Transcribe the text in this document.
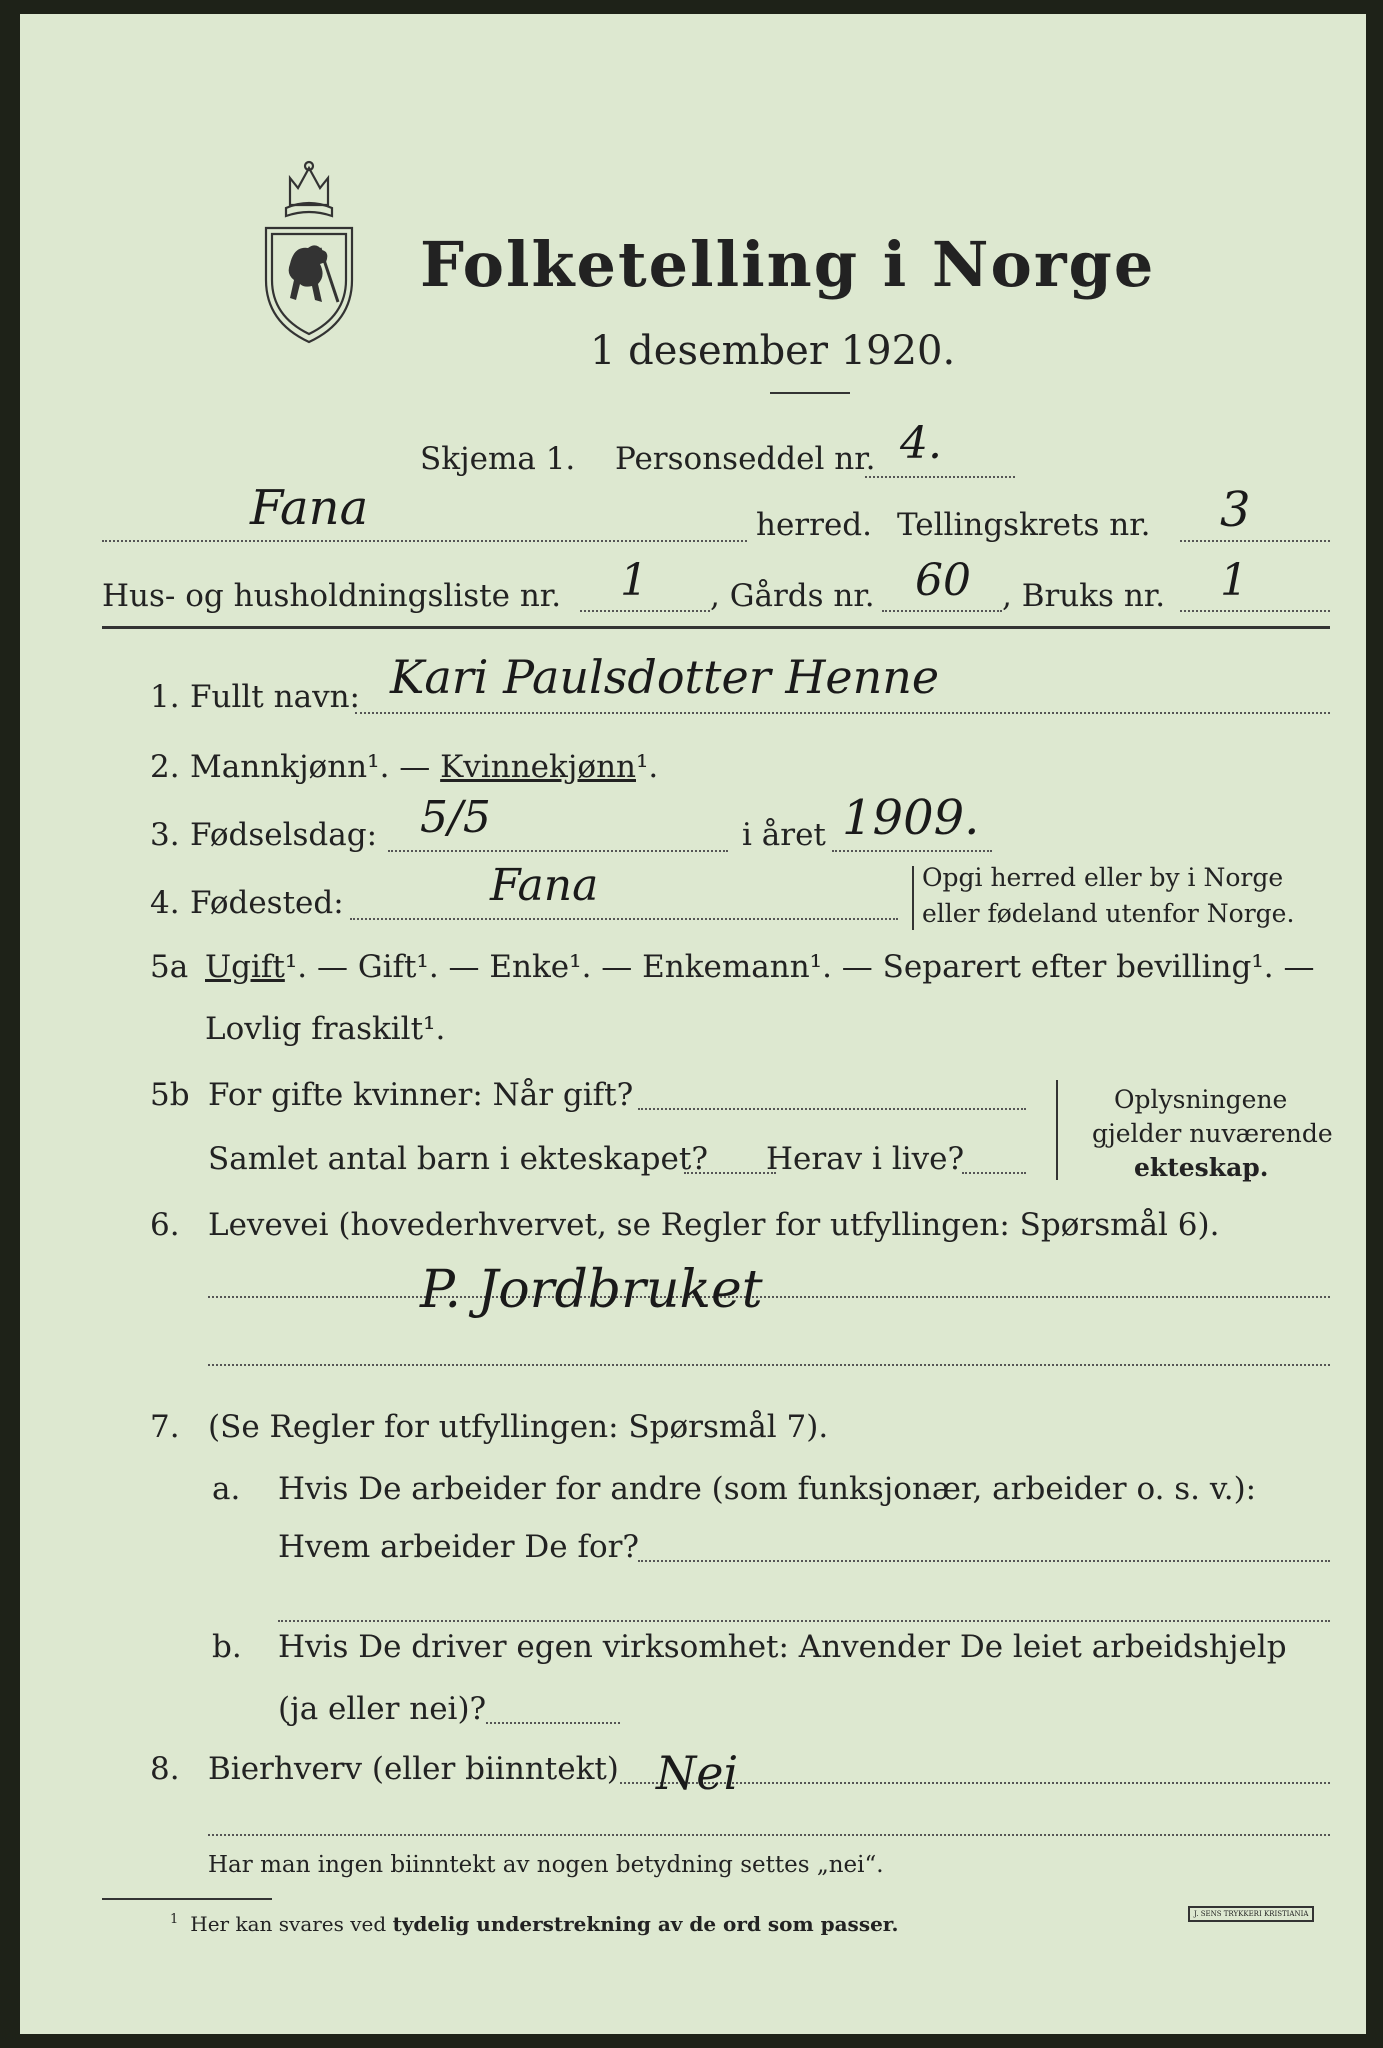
Folketelling i Norge
1 desember 1920.
Skjema 1. Personseddel nr. 4.
Fana	herred. Tellingskrets nr. 3
Hus- og husholdningsliste nr. 1 , Gårds nr. 60 , Bruks nr. 1
1. Fullt navn: Kari Paulsdotter Henne
2. Mannkjønn¹. — Kvinnekjønn¹.
3. Fødselsdag: 5/5	i året 1909.
4. Fødested:	Fana	Opgi herred eller by i Norge
eller fødeland utenfor Norge.
5a Ugift¹. — Gift¹. — Enke¹. — Enkemann¹. — Separert efter bevilling¹. —
Lovlig fraskilt¹.
5b For gifte kvinner: Når gift?
Samlet antal barn i ekteskapet? Herav i live?
Oplysningene
gjelder nuværende
ekteskap.
6. Levevei (hovederhvervet, se Regler for utfyllingen: Spørsmål 6).
P. Jordbruket
7. (Se Regler for utfyllingen: Spørsmål 7).
a. Hvis De arbeider for andre (som funksjonær, arbeider o. s. v.):
Hvem arbeider De for?
b. Hvis De driver egen virksomhet: Anvender De leiet arbeidshjelp
(ja eller nei)?
8. Bierhverv (eller biinntekt) Nei
Har man ingen biinntekt av nogen betydning settes „nei“.
$^1$ Her kan svares ved tydelig understrekning av de ord som passer.	J. SENS TRYKKERI KRISTIANIA
